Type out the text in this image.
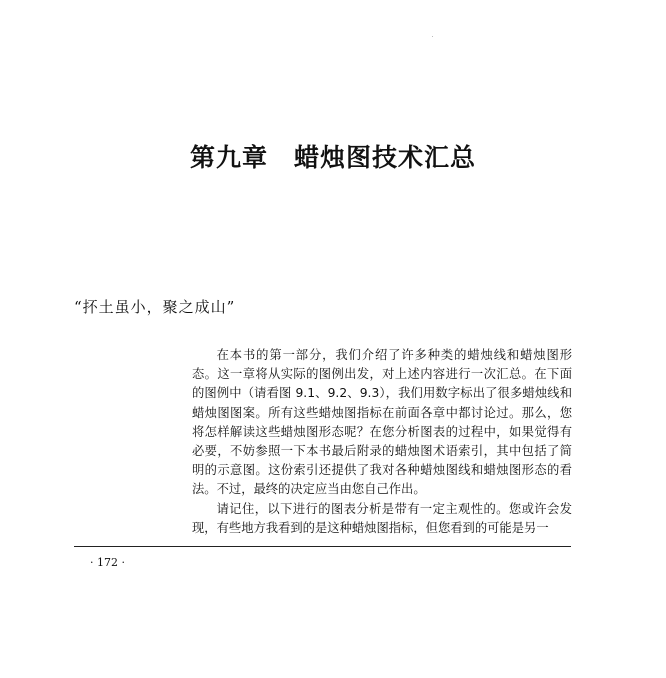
第九章 蜡烛图技术汇总

“抔土虽小，聚之成山”

在本书的第一部分，我们介绍了许多种类的蜡烛线和蜡烛图形态。这一章将从实际的图例出发，对上述内容进行一次汇总。在下面的图例中（请看图 9.1、9.2、9.3），我们用数字标出了很多蜡烛线和蜡烛图图案。所有这些蜡烛图指标在前面各章中都讨论过。那么，您将怎样解读这些蜡烛图形态呢？在您分析图表的过程中，如果觉得有必要，不妨参照一下本书最后附录的蜡烛图术语索引，其中包括了简明的示意图。这份索引还提供了我对各种蜡烛图线和蜡烛图形态的看法。不过，最终的决定应当由您自己作出。

请记住，以下进行的图表分析是带有一定主观性的。您或许会发现，有些地方我看到的是这种蜡烛图指标，但您看到的可能是另一

· 172 ·
